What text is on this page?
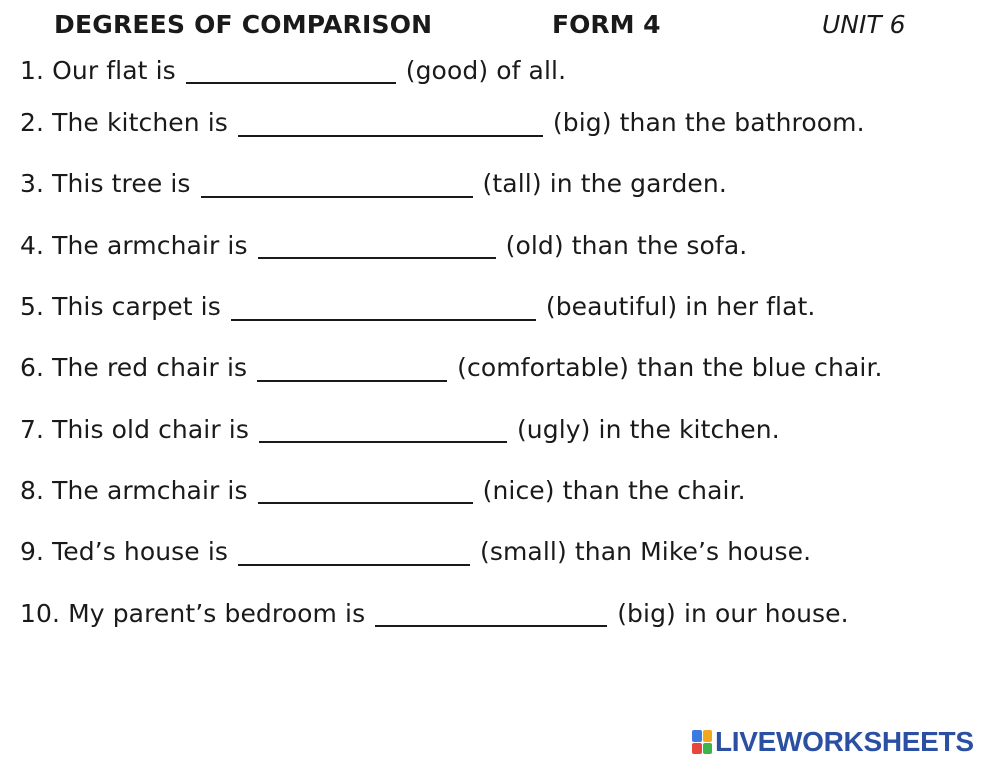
DEGREES OF COMPARISON	FORM 4	UNIT 6
1. Our flat is	(good) of all.
2. The kitchen is	(big) than the bathroom.
3. This tree is	(tall) in the garden.
4. The armchair is	(old) than the sofa.
5. This carpet is	(beautiful) in her flat.
6. The red chair is	(comfortable) than the blue chair.
7. This old chair is	(ugly) in the kitchen.
8. The armchair is	(nice) than the chair.
9. Ted’s house is	(small) than Mike’s house.
10. My parent’s bedroom is	(big) in our house.
LIVEWORKSHEETS
